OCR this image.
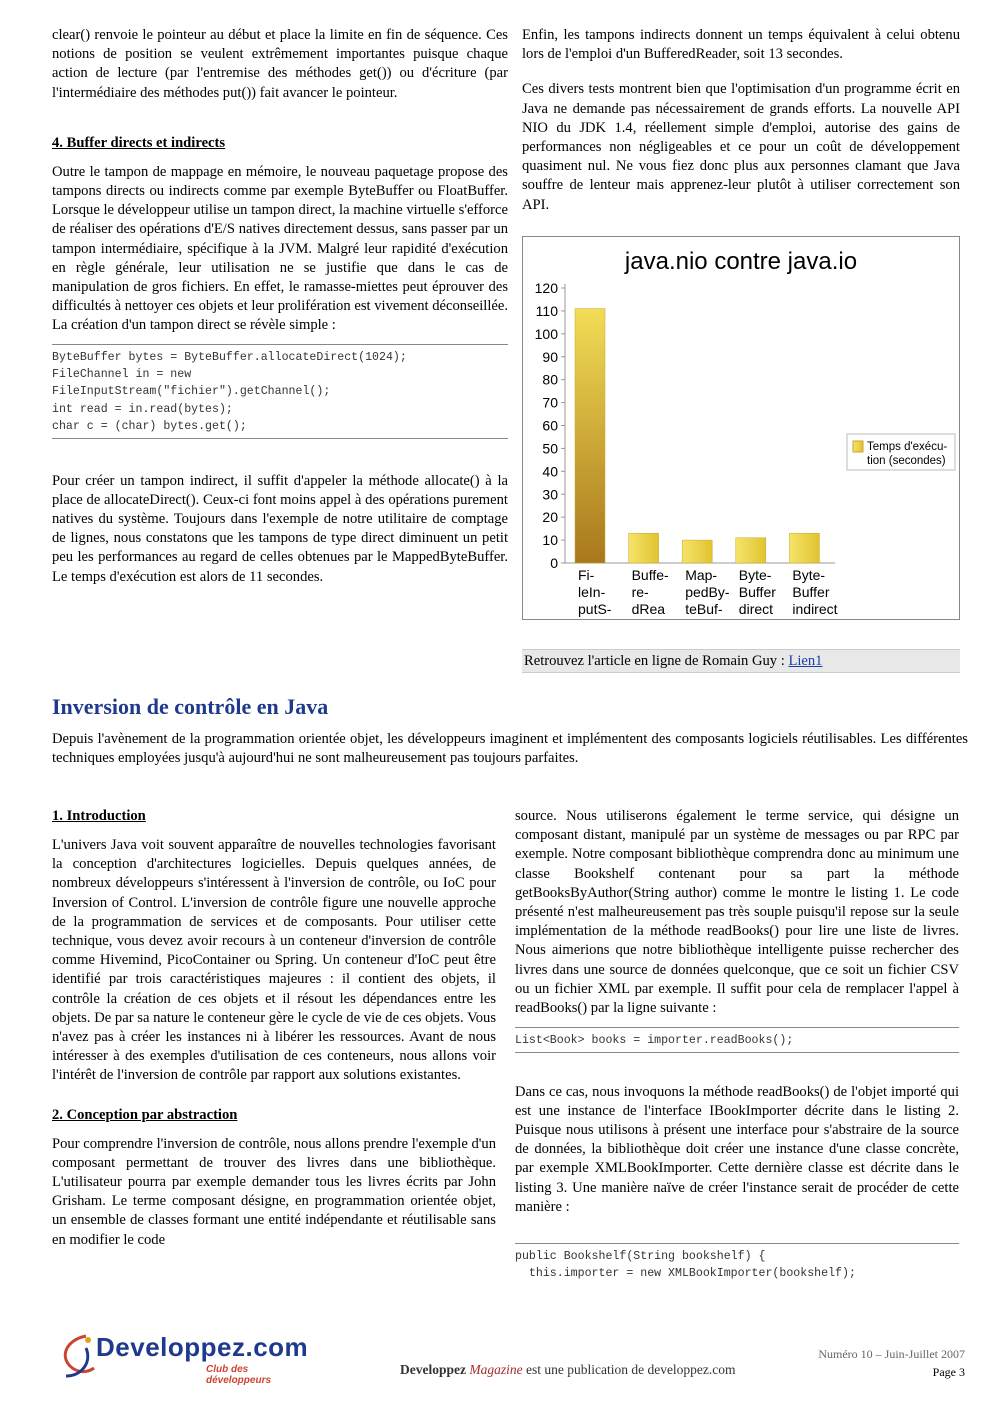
clear() renvoie le pointeur au début et place la limite en fin de séquence. Ces notions de position se veulent extrêmement importantes puisque chaque action de lecture (par l'entremise des méthodes get()) ou d'écriture (par l'intermédiaire des méthodes put()) fait avancer le pointeur.

4. Buffer directs et indirects

Outre le tampon de mappage en mémoire, le nouveau paquetage propose des tampons directs ou indirects comme par exemple ByteBuffer ou FloatBuffer. Lorsque le développeur utilise un tampon direct, la machine virtuelle s'efforce de réaliser des opérations d'E/S natives directement dessus, sans passer par un tampon intermédiaire, spécifique à la JVM. Malgré leur rapidité d'exécution en règle générale, leur utilisation ne se justifie que dans le cas de manipulation de gros fichiers. En effet, le ramasse-miettes peut éprouver des difficultés à nettoyer ces objets et leur prolifération est vivement déconseillée. La création d'un tampon direct se révèle simple :

ByteBuffer bytes = ByteBuffer.allocateDirect(1024);
FileChannel in = new
FileInputStream("fichier").getChannel();
int read = in.read(bytes);
char c = (char) bytes.get();

Pour créer un tampon indirect, il suffit d'appeler la méthode allocate() à la place de allocateDirect(). Ceux-ci font moins appel à des opérations purement natives du système. Toujours dans l'exemple de notre utilitaire de comptage de lignes, nous constatons que les tampons de type direct diminuent un petit peu les performances au regard de celles obtenues par le MappedByteBuffer. Le temps d'exécution est alors de 11 secondes.

Enfin, les tampons indirects donnent un temps équivalent à celui obtenu lors de l'emploi d'un BufferedReader, soit 13 secondes.

Ces divers tests montrent bien que l'optimisation d'un programme écrit en Java ne demande pas nécessairement de grands efforts. La nouvelle API NIO du JDK 1.4, réellement simple d'emploi, autorise des gains de performances non négligeables et ce pour un coût de développement quasiment nul. Ne vous fiez donc plus aux personnes clamant que Java souffre de lenteur mais apprenez-leur plutôt à utiliser correctement son API.

java.nio contre java.io
0
10
20
30
40
50
60
70
80
90
100
110
120
Fi-
leIn-
putS-
Buffe-
re-
dRea
Map-
pedBy-
teBuf-
Byte-
Buffer
direct
Byte-
Buffer
indirect
Temps d'exécu-
tion (secondes)
Retrouvez l'article en ligne de Romain Guy : Lien1
Inversion de contrôle en Java

Depuis l'avènement de la programmation orientée objet, les développeurs imaginent et implémentent des composants logiciels réutilisables. Les différentes techniques employées jusqu'à aujourd'hui ne sont malheureusement pas toujours parfaites.

1. Introduction

L'univers Java voit souvent apparaître de nouvelles technologies favorisant la conception d'architectures logicielles. Depuis quelques années, de nombreux développeurs s'intéressent à l'inversion de contrôle, ou IoC pour Inversion of Control. L'inversion de contrôle figure une nouvelle approche de la programmation de services et de composants. Pour utiliser cette technique, vous devez avoir recours à un conteneur d'inversion de contrôle comme Hivemind, PicoContainer ou Spring. Un conteneur d'IoC peut être identifié par trois caractéristiques majeures : il contient des objets, il contrôle la création de ces objets et il résout les dépendances entre les objets. De par sa nature le conteneur gère le cycle de vie de ces objets. Vous n'avez pas à créer les instances ni à libérer les ressources. Avant de nous intéresser à des exemples d'utilisation de ces conteneurs, nous allons voir l'intérêt de l'inversion de contrôle par rapport aux solutions existantes.

2. Conception par abstraction

Pour comprendre l'inversion de contrôle, nous allons prendre l'exemple d'un composant permettant de trouver des livres dans une bibliothèque. L'utilisateur pourra par exemple demander tous les livres écrits par John Grisham. Le terme composant désigne, en programmation orientée objet, un ensemble de classes formant une entité indépendante et réutilisable sans en modifier le code

source. Nous utiliserons également le terme service, qui désigne un composant distant, manipulé par un système de messages ou par RPC par exemple. Notre composant bibliothèque comprendra donc au minimum une classe Bookshelf contenant pour sa part la méthode getBooksByAuthor(String author) comme le montre le listing 1. Le code présenté n'est malheureusement pas très souple puisqu'il repose sur la seule implémentation de la méthode readBooks() pour lire une liste de livres. Nous aimerions que notre bibliothèque intelligente puisse rechercher des livres dans une source de données quelconque, que ce soit un fichier CSV ou un fichier XML par exemple. Il suffit pour cela de remplacer l'appel à readBooks() par la ligne suivante :

List<Book> books = importer.readBooks();

Dans ce cas, nous invoquons la méthode readBooks() de l'objet importé qui est une instance de l'interface IBookImporter décrite dans le listing 2. Puisque nous utilisons à présent une interface pour s'abstraire de la source de données, la bibliothèque doit créer une instance d'une classe concrète, par exemple XMLBookImporter. Cette dernière classe est décrite dans le listing 3. Une manière naïve de créer l'instance serait de procéder de cette manière :

public Bookshelf(String bookshelf) {
this.importer = new XMLBookImporter(bookshelf);
Developpez.com
Club des développeurs
Developpez Magazine est une publication de developpez.com
Numéro 10 – Juin-Juillet 2007
Page 3
